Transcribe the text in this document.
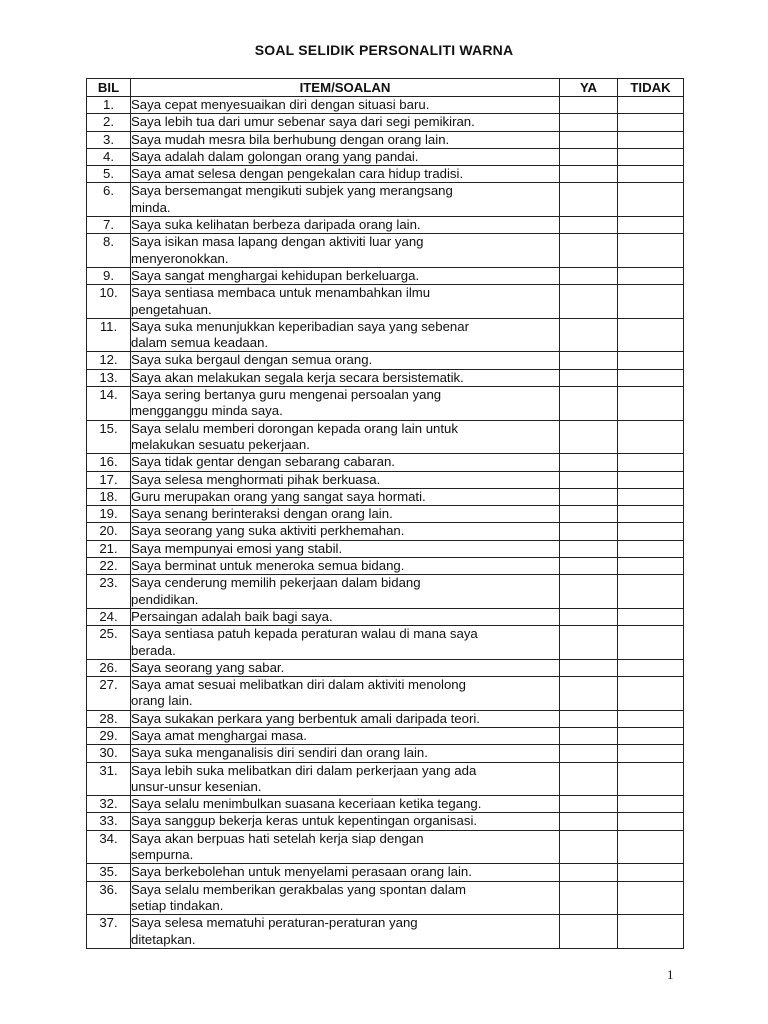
SOAL SELIDIK PERSONALITI WARNA
BIL	ITEM/SOALAN	YA	TIDAK
1.	Saya cepat menyesuaikan diri dengan situasi baru.		

2.	Saya lebih tua dari umur sebenar saya dari segi pemikiran.		

3.	Saya mudah mesra bila berhubung dengan orang lain.		

4.	Saya adalah dalam golongan orang yang pandai.		

5.	Saya amat selesa dengan pengekalan cara hidup tradisi.		

6.	Saya bersemangat mengikuti subjek yang merangsang
minda.		

7.	Saya suka kelihatan berbeza daripada orang lain.		

8.	Saya isikan masa lapang dengan aktiviti luar yang
menyeronokkan.		

9.	Saya sangat menghargai kehidupan berkeluarga.		

10.	Saya sentiasa membaca untuk menambahkan ilmu
pengetahuan.		

11.	Saya suka menunjukkan keperibadian saya yang sebenar
dalam semua keadaan.		

12.	Saya suka bergaul dengan semua orang.		

13.	Saya akan melakukan segala kerja secara bersistematik.		

14.	Saya sering bertanya guru mengenai persoalan yang
mengganggu minda saya.		

15.	Saya selalu memberi dorongan kepada orang lain untuk
melakukan sesuatu pekerjaan.		

16.	Saya tidak gentar dengan sebarang cabaran.		

17.	Saya selesa menghormati pihak berkuasa.		

18.	Guru merupakan orang yang sangat saya hormati.		

19.	Saya senang berinteraksi dengan orang lain.		

20.	Saya seorang yang suka aktiviti perkhemahan.		

21.	Saya mempunyai emosi yang stabil.		

22.	Saya berminat untuk meneroka semua bidang.		

23.	Saya cenderung memilih pekerjaan dalam bidang
pendidikan.		

24.	Persaingan adalah baik bagi saya.		

25.	Saya sentiasa patuh kepada peraturan walau di mana saya
berada.		

26.	Saya seorang yang sabar.		

27.	Saya amat sesuai melibatkan diri dalam aktiviti menolong
orang lain.		

28.	Saya sukakan perkara yang berbentuk amali daripada teori.		

29.	Saya amat menghargai masa.		

30.	Saya suka menganalisis diri sendiri dan orang lain.		

31.	Saya lebih suka melibatkan diri dalam perkerjaan yang ada
unsur-unsur kesenian.		

32.	Saya selalu menimbulkan suasana keceriaan ketika tegang.		

33.	Saya sanggup bekerja keras untuk kepentingan organisasi.		

34.	Saya akan berpuas hati setelah kerja siap dengan
sempurna.		

35.	Saya berkebolehan untuk menyelami perasaan orang lain.		

36.	Saya selalu memberikan gerakbalas yang spontan dalam
setiap tindakan.		

37.	Saya selesa mematuhi peraturan-peraturan yang
ditetapkan.		

1
